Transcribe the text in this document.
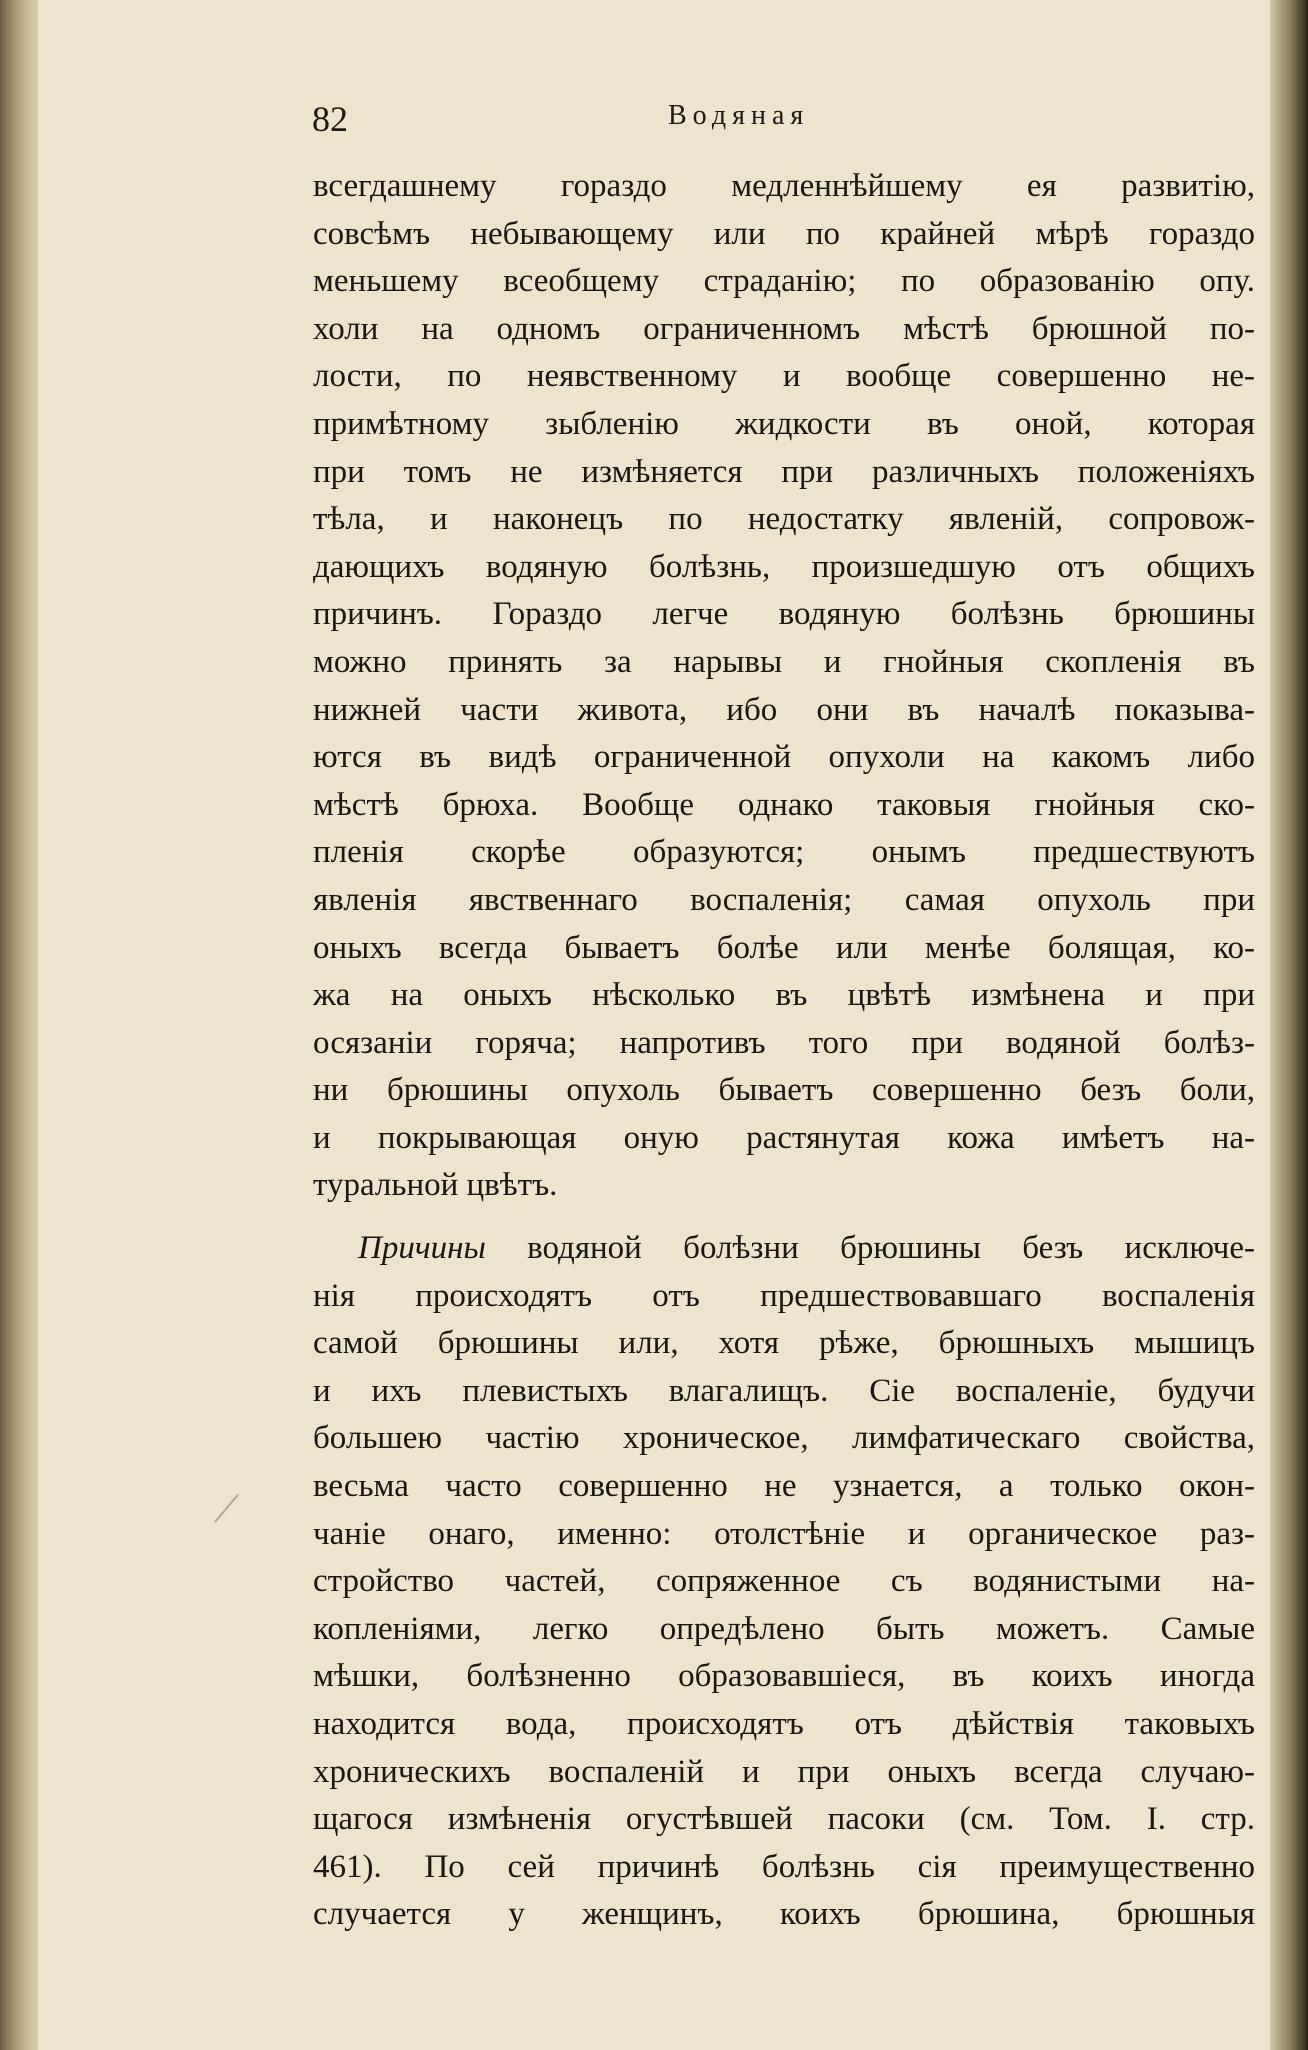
82	Водяная
всегдашнему гораздо медленнѣйшему ея развитію,
совсѣмъ небывающему или по крайней мѣрѣ гораздо
меньшему всеобщему страданію; по образованію опу.
холи на одномъ ограниченномъ мѣстѣ брюшной по-
лости, по неявственному и вообще совершенно не-
примѣтному зыбленію жидкости въ оной, которая
при томъ не измѣняется при различныхъ положеніяхъ
тѣла, и наконецъ по недостатку явленій, сопровож-
дающихъ водяную болѣзнь, произшедшую отъ общихъ
причинъ. Гораздо легче водяную болѣзнь брюшины
можно принять за нарывы и гнойныя скопленія въ
нижней части живота, ибо они въ началѣ показыва-
ются въ видѣ ограниченной опухоли на какомъ либо
мѣстѣ брюха. Вообще однако таковыя гнойныя ско-
пленія скорѣе образуются; онымъ предшествуютъ
явленія явственнаго воспаленія; самая опухоль при
оныхъ всегда бываетъ болѣе или менѣе болящая, ко-
жа на оныхъ нѣсколько въ цвѣтѣ измѣнена и при
осязаніи горяча; напротивъ того при водяной болѣз-
ни брюшины опухоль бываетъ совершенно безъ боли,
и покрывающая оную растянутая кожа имѣетъ на-
туральной цвѣтъ.
Причины водяной болѣзни брюшины безъ исключе-
нія происходятъ отъ предшествовавшаго воспаленія
самой брюшины или, хотя рѣже, брюшныхъ мышицъ
и ихъ плевистыхъ влагалищъ. Сіе воспаленіе, будучи
большею частію хроническое, лимфатическаго свойства,
весьма часто совершенно не узнается, а только окон-
чаніе онаго, именно: отолстѣніе и органическое раз-
стройство частей, сопряженное съ водянистыми на-
копленіями, легко опредѣлено быть можетъ. Самые
мѣшки, болѣзненно образовавшіеся, въ коихъ иногда
находится вода, происходятъ отъ дѣйствія таковыхъ
хроническихъ воспаленій и при оныхъ всегда случаю-
щагося измѣненія огустѣвшей пасоки (см. Том. I. стр.
461). По сей причинѣ болѣзнь сія преимущественно
случается у женщинъ, коихъ брюшина, брюшныя
